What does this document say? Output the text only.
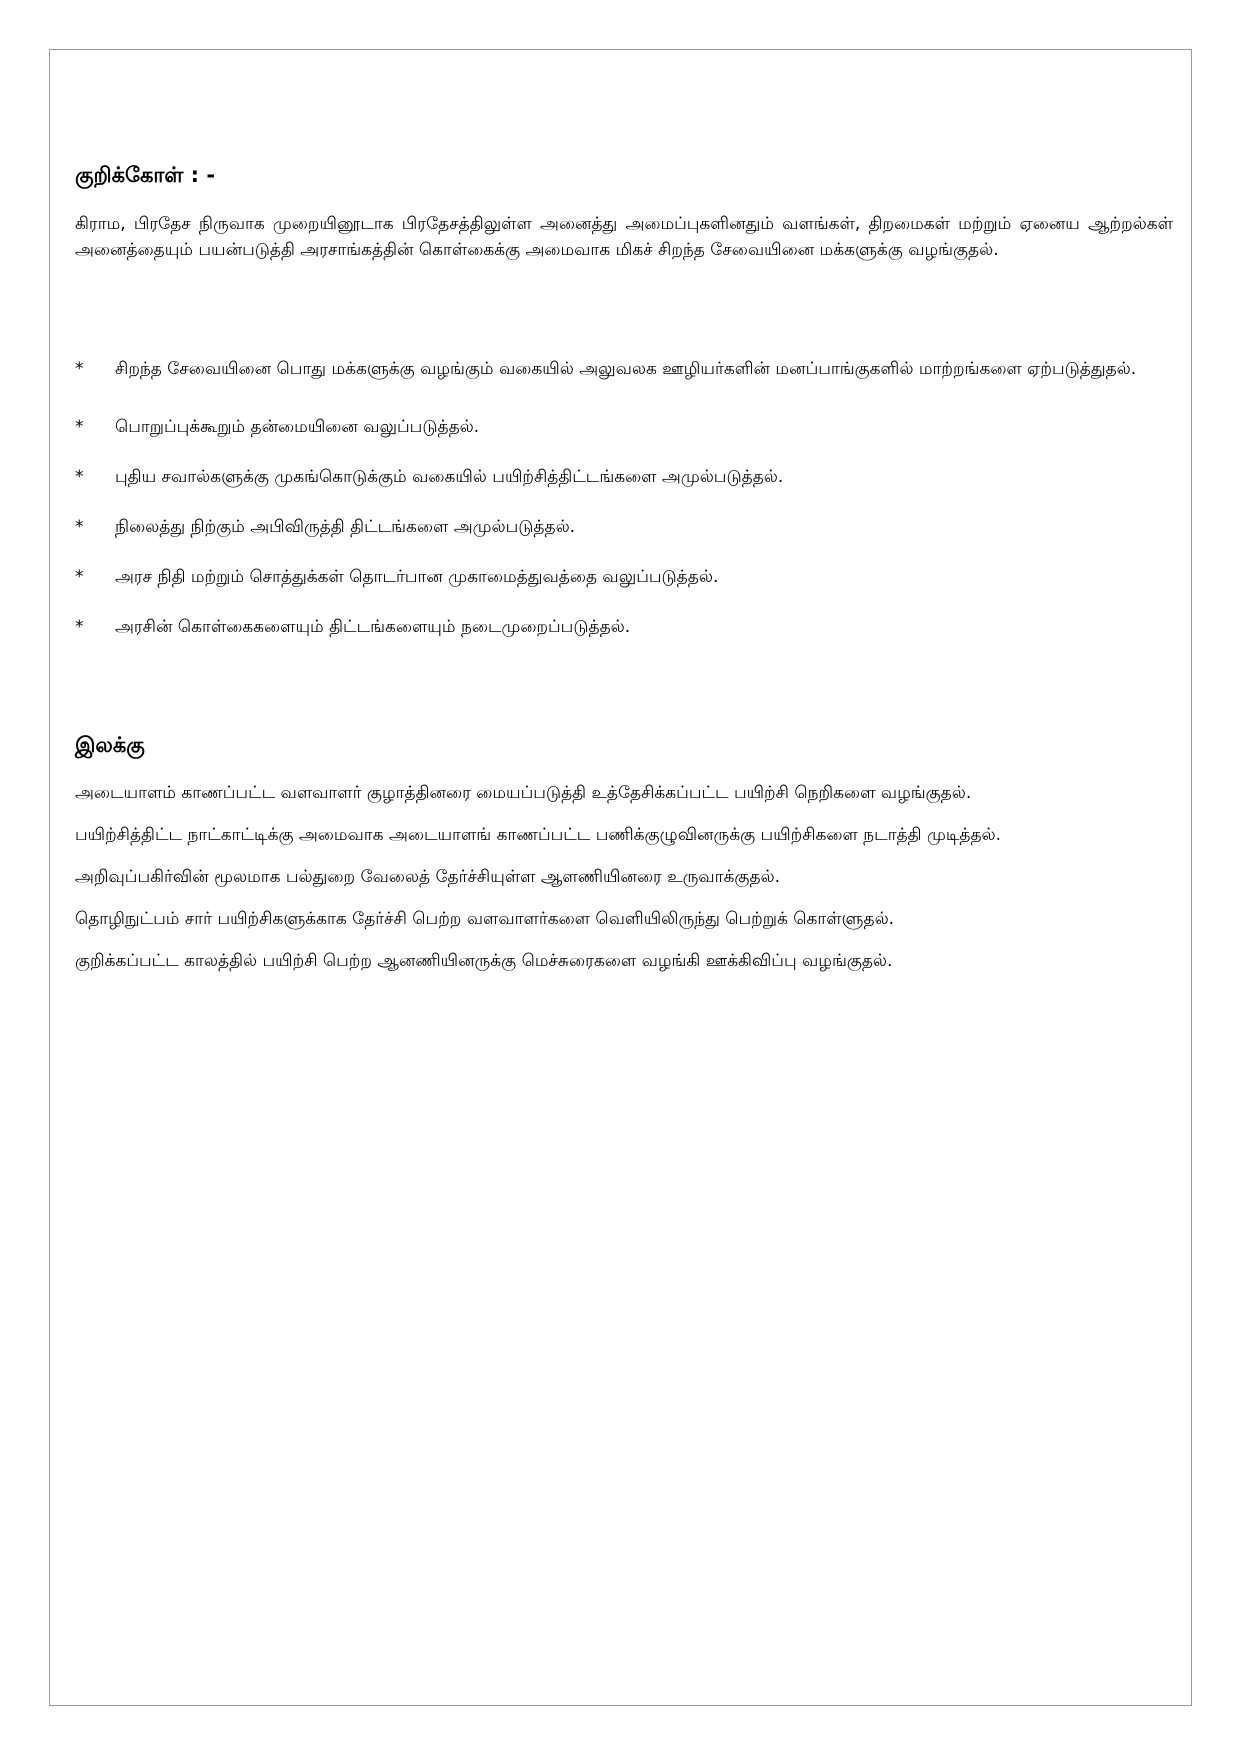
குறிக்கோள் : -

கிராம, பிரதேச நிருவாக முறையினூடாக பிரதேசத்திலுள்ள அனைத்து அமைப்புகளினதும் வளங்கள், திறமைகள் மற்றும் ஏனைய ஆற்றல்கள் அனைத்தையும் பயன்படுத்தி அரசாங்கத்தின் கொள்கைக்கு அமைவாக மிகச் சிறந்த சேவையினை மக்களுக்கு வழங்குதல்.

*	சிறந்த சேவையினை பொது மக்களுக்கு வழங்கும் வகையில் அலுவலக ஊழியர்களின் மனப்பாங்குகளில் மாற்றங்களை ஏற்படுத்துதல்.
*	பொறுப்புக்கூறும் தன்மையினை வலுப்படுத்தல்.
*	புதிய சவால்களுக்கு முகங்கொடுக்கும் வகையில் பயிற்சித்திட்டங்களை அமுல்படுத்தல்.
*	நிலைத்து நிற்கும் அபிவிருத்தி திட்டங்களை அமுல்படுத்தல்.
*	அரச நிதி மற்றும் சொத்துக்கள் தொடர்பான முகாமைத்துவத்தை வலுப்படுத்தல்.
*	அரசின் கொள்கைகளையும் திட்டங்களையும் நடைமுறைப்படுத்தல்.
இலக்கு

அடையாளம் காணப்பட்ட வளவாளர் குழாத்தினரை மையப்படுத்தி உத்தேசிக்கப்பட்ட பயிற்சி நெறிகளை வழங்குதல்.

பயிற்சித்திட்ட நாட்காட்டிக்கு அமைவாக அடையாளங் காணப்பட்ட பணிக்குழுவினருக்கு பயிற்சிகளை நடாத்தி முடித்தல்.

அறிவுப்பகிர்வின் மூலமாக பல்துறை வேலைத் தேர்ச்சியுள்ள ஆளணியினரை உருவாக்குதல்.

தொழிநுட்பம் சார் பயிற்சிகளுக்காக தேர்ச்சி பெற்ற வளவாளர்களை வெளியிலிருந்து பெற்றுக் கொள்ளுதல்.

குறிக்கப்பட்ட காலத்தில் பயிற்சி பெற்ற ஆனணியினருக்கு மெச்சுரைகளை வழங்கி ஊக்கிவிப்பு வழங்குதல்.
